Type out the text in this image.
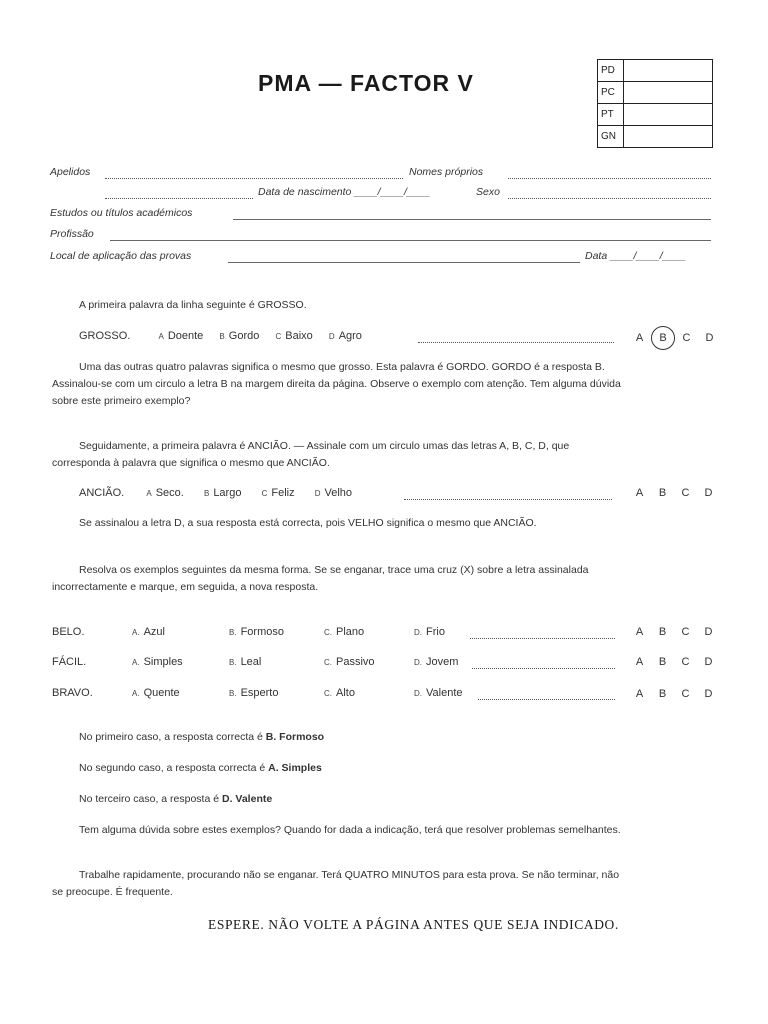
PMA — FACTOR V	PD
PC
PT
GN
Apelidos	Nomes próprios
Data de nascimento ____/____/____	Sexo
Estudos ou títulos académicos
Profissão
Local de aplicação das provas	Data ____/____/____
A primeira palavra da linha seguinte é GROSSO.
GROSSO.	A Doente B Gordo C Baixo D Agro	A B C D
Uma das outras quatro palavras significa o mesmo que grosso. Esta palavra é GORDO. GORDO é a resposta B. Assinalou-se com um circulo a letra B na margem direita da página. Observe o exemplo com atenção. Tem alguma dúvida sobre este primeiro exemplo?
Seguidamente, a primeira palavra é ANCIÃO. — Assinale com um circulo umas das letras A, B, C, D, que corresponda à palavra que significa o mesmo que ANCIÃO.
ANCIÃO.	A Seco.	B Largo	C Feliz	D Velho	A B C D
Se assinalou a letra D, a sua resposta está correcta, pois VELHO significa o mesmo que ANCIÃO.
Resolva os exemplos seguintes da mesma forma. Se se enganar, trace uma cruz (X) sobre a letra assinalada incorrectamente e marque, em seguida, a nova resposta.
BELO.	A. Azul	B. Formoso	C. Plano	D. Frio	A B C D
FÁCIL.	A. Simples	B. Leal	C. Passivo	D. Jovem	A B C D
BRAVO.	A. Quente	B. Esperto	C. Alto	D. Valente	A B C D
No primeiro caso, a resposta correcta é B. Formoso
No segundo caso, a resposta correcta é A. Simples
No terceiro caso, a resposta é D. Valente
Tem alguma dúvida sobre estes exemplos? Quando for dada a indicação, terá que resolver problemas semelhantes.
Trabalhe rapidamente, procurando não se enganar. Terá QUATRO MINUTOS para esta prova. Se não terminar, não se preocupe. É frequente.
ESPERE. NÃO VOLTE A PÁGINA ANTES QUE SEJA INDICADO.
